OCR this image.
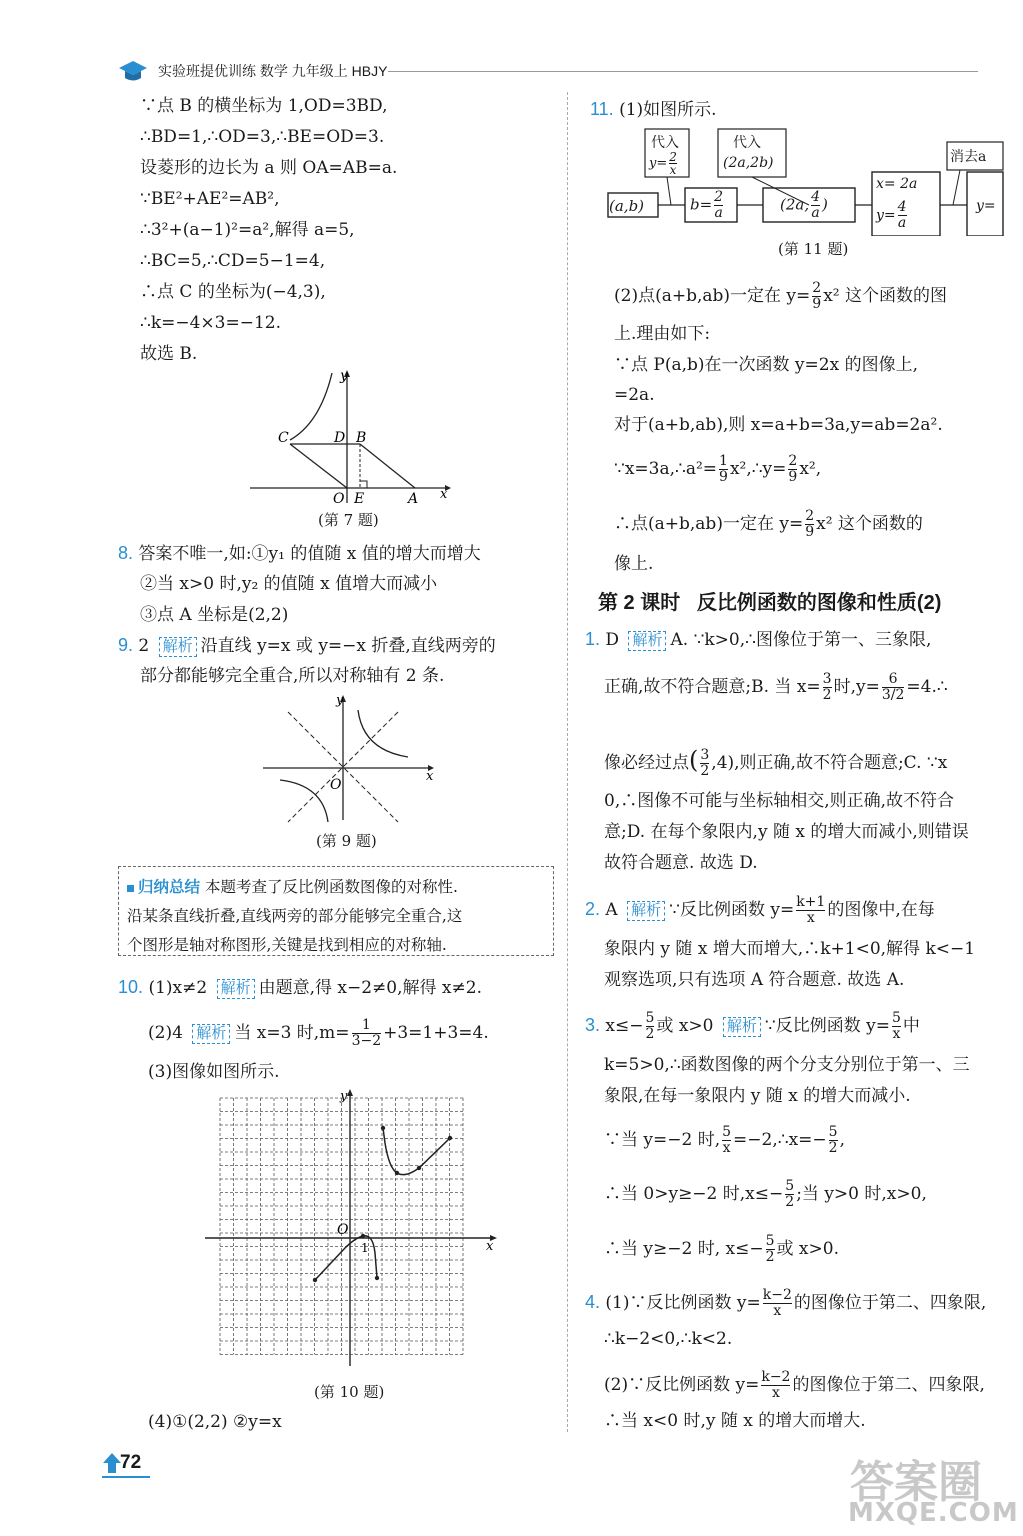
实验班提优训练 数学 九年级上 HBJY
∵点 B 的横坐标为 1,OD=3BD,
∴BD=1,∴OD=3,∴BE=OD=3.
设菱形的边长为 a 则 OA=AB=a.
∵BE²+AE²=AB²,
∴3²+(a−1)²=a²,解得 a=5,
∴BC=5,∴CD=5−1=4,
∴点 C 的坐标为(−4,3),
∴k=−4×3=−12.
故选 B.
y
C	D B
O E	A x
(第 7 题)
8. 答案不唯一,如:①y₁ 的值随 x 值的增大而增大
②当 x>0 时,y₂ 的值随 x 值增大而减小
③点 A 坐标是(2,2)
9. 2 解析 沿直线 y=x 或 y=−x 折叠,直线两旁的
部分都能够完全重合,所以对称轴有 2 条.
y
O
x
(第 9 题)
归纳总结 本题考查了反比例函数图像的对称性.
沿某条直线折叠,直线两旁的部分能够完全重合,这
个图形是轴对称图形,关键是找到相应的对称轴.
10. (1)x≠2 解析 由题意,得 x−2≠0,解得 x≠2.
(2)4 解析 当 x=3 时$,m= \frac{1}{3-2} +3=1+3=4$.
(3)图像如图所示.
y
O
1	x
(第 10 题)
(4)①(2,2) ②y=x
72
11. (1)如图所示.
(a,b)	$b= \frac{2}{a}$	(2a, $\frac{4}{a}$ )
x= 2a
$y= \frac{4}{a}$	y=
代入
$y= \frac{2}{x}$
代入
(2a,2b)	消去a
(第 11 题)
(2)点(a+b,ab)一定在 $y= \frac{2}{9} x^2$ 这个函数的图
上.理由如下:
∵点 P(a,b)在一次函数 y=2x 的图像上,
=2a.
对于(a+b,ab),则 x=a+b=3a,y=ab=2a².
∵x=3a,∴a²= $\frac{1}{9}$ x²,∴y= $\frac{2}{9} x^2$,
∴点(a+b,ab)一定在 $y= \frac{2}{9} x^2$ 这个函数的
像上.
第 2 课时 反比例函数的图像和性质(2)
1. D 解析 A. ∵k>0,∴图像位于第一、三象限,
正确,故不符合题意;B. 当 $x= \frac{3}{2}$ 时$,y= \frac{6}{3/2}$ =4.∴
像必经过点( $\frac{3}{2} ,4$),则正确,故不符合题意;C. ∵x
0,∴图像不可能与坐标轴相交,则正确,故不符合
意;D. 在每个象限内,y 随 x 的增大而减小,则错误
故符合题意. 故选 D.
2. A 解析 ∵反比例函数 $y= \frac{k+1}{x}$ 的图像中,在每
象限内 y 随 x 增大而增大,∴k+1<0,解得 k<−1
观察选项,只有选项 A 符合题意. 故选 A.
3. $x\le- \frac{5}{2}$ 或 x>0 解析 ∵反比例函数 $y= \frac{5}{x}$ 中
k=5>0,∴函数图像的两个分支分别位于第一、三
象限,在每一象限内 y 随 x 的增大而减小.
∵当 y=−2 时, $\frac{5}{x}$ =−2,∴x=− $\frac{5}{2}$ ,
∴当 0>y≥−2 时$,x\le- \frac{5}{2}$ ;当 y>0 时,x>0,
∴当 y≥−2 时, $x\le- \frac{5}{2}$ 或 x>0.
4. (1)∵反比例函数 $y= \frac{k-2}{x}$ 的图像位于第二、四象限,
∴k−2<0,∴k<2.
(2)∵反比例函数 $y= \frac{k-2}{x}$ 的图像位于第二、四象限,
∴当 x<0 时,y 随 x 的增大而增大.
答案圈
MXQE.COM
